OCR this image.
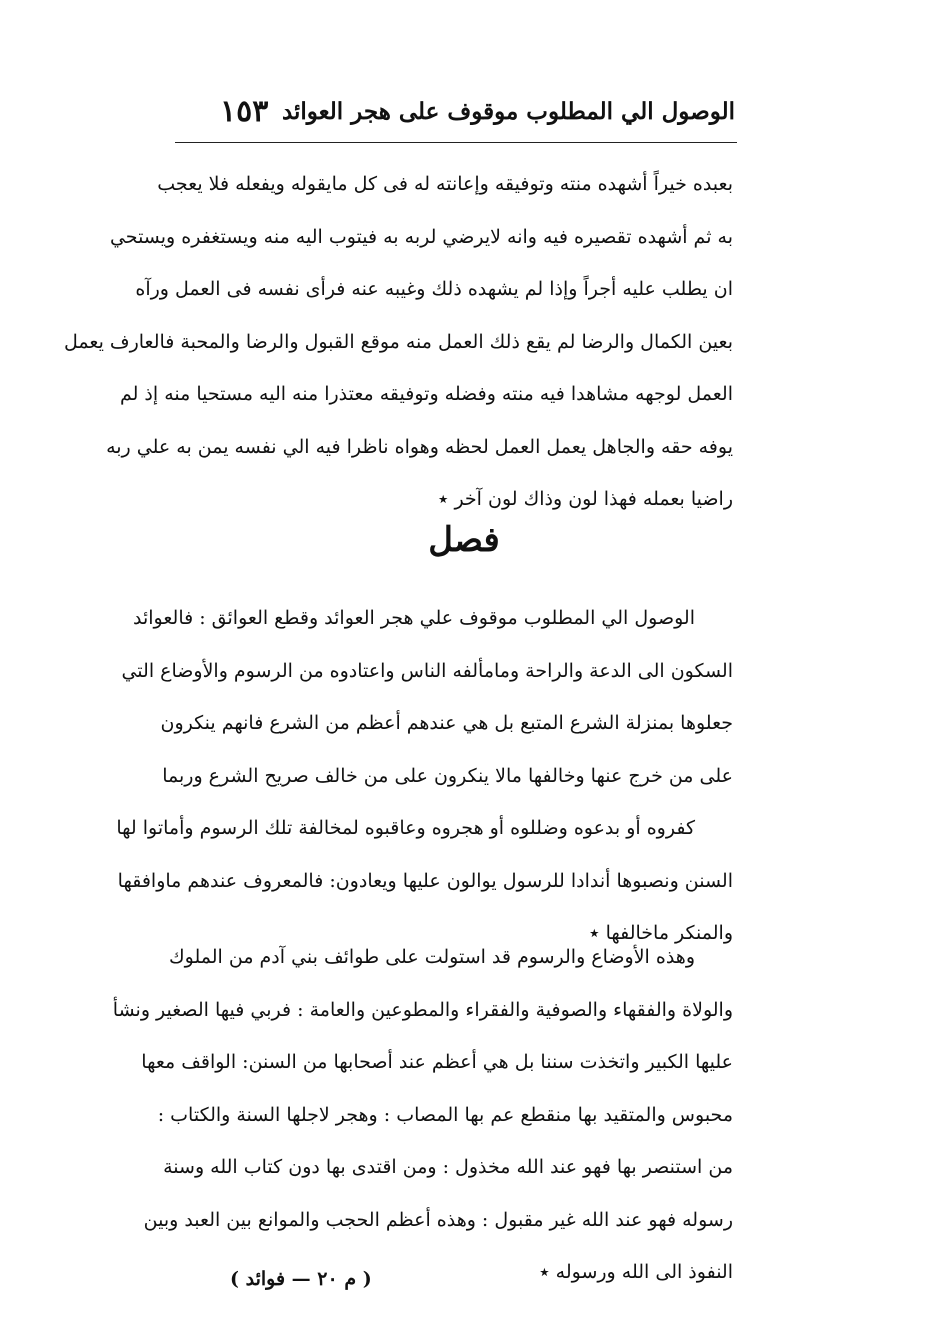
الوصول الي المطلوب موقوف على هجر العوائد
١٥٣
بعبده خيراً أشهده منته وتوفيقه وإعانته له فى كل مايقوله ويفعله فلا يعجب
به ثم أشهده تقصيره فيه وانه لايرضي لربه به فيتوب اليه منه ويستغفره ويستحي
ان يطلب عليه أجراً وإذا لم يشهده ذلك وغيبه عنه فرأى نفسه فى العمل ورآه
بعين الكمال والرضا لم يقع ذلك العمل منه موقع القبول والرضا والمحبة فالعارف يعمل
العمل لوجهه مشاهدا فيه منته وفضله وتوفيقه معتذرا منه اليه مستحيا منه إذ لم
يوفه حقه والجاهل يعمل العمل لحظه وهواه ناظرا فيه الي نفسه يمن به علي ربه
راضيا بعمله فهذا لون وذاك لون آخر ٭
فصل
الوصول الي المطلوب موقوف علي هجر العوائد وقطع العوائق : فالعوائد
السكون الى الدعة والراحة ومامألفه الناس واعتادوه من الرسوم والأوضاع التي
جعلوها بمنزلة الشرع المتبع بل هي عندهم أعظم من الشرع فانهم ينكرون
على من خرج عنها وخالفها مالا ينكرون على من خالف صريح الشرع وربما
كفروه أو بدعوه وضللوه أو هجروه وعاقبوه لمخالفة تلك الرسوم وأماتوا لها
السنن ونصبوها أندادا للرسول يوالون عليها ويعادون: فالمعروف عندهم ماوافقها
والمنكر ماخالفها ٭
وهذه الأوضاع والرسوم قد استولت على طوائف بني آدم من الملوك
والولاة والفقهاء والصوفية والفقراء والمطوعين والعامة : فربي فيها الصغير ونشأ
عليها الكبير واتخذت سننا بل هي أعظم عند أصحابها من السنن: الواقف معها
محبوس والمتقيد بها منقطع عم بها المصاب : وهجر لاجلها السنة والكتاب :
من استنصر بها فهو عند الله مخذول : ومن اقتدى بها دون كتاب الله وسنة
رسوله فهو عند الله غير مقبول : وهذه أعظم الحجب والموانع بين العبد وبين
النفوذ الى الله ورسوله ٭
( م ٢٠ — فوائد )
